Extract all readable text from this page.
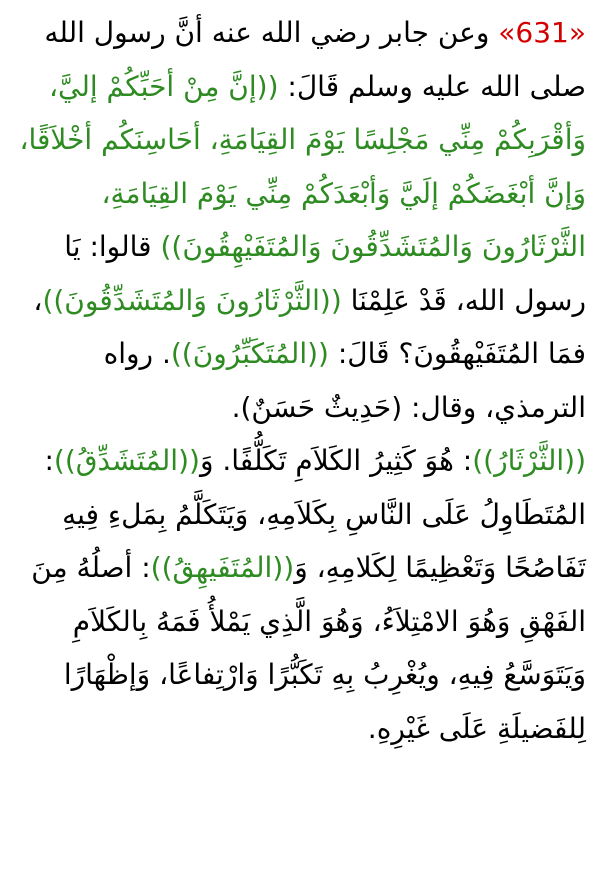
«631» وعن جابر رضي الله عنه أنَّ رسول الله صلى الله عليه وسلم قَالَ: ((إنَّ مِنْ أحَبِّكُمْ إليَّ، وَأقْرَبِكُمْ مِنِّي مَجْلِسًا يَوْمَ القِيَامَةِ، أحَاسِنَكُم أخْلاَقًا، وَإنَّ أبْغَضَكُمْ إلَيَّ وَأبْعَدَكُمْ مِنِّي يَوْمَ القِيَامَةِ، الثَّرْثَارُونَ وَالمُتَشَدِّقُونَ وَالمُتَفَيْهِقُونَ)) قالوا: يَا رسول الله، قَدْ عَلِمْنَا ((الثَّرْثَارُونَ وَالمُتَشَدِّقُونَ))، فمَا المُتَفَيْهقُونَ؟ قَالَ: ((المُتَكَبِّرُونَ)). رواه الترمذي، وقال: (حَدِيثٌ حَسَنٌ).

((الثَّرْثَارُ)): هُوَ كَثِيرُ الكَلاَمِ تَكَلُّفًا. وَ((المُتَشَدِّقُ)): المُتَطَاوِلُ عَلَى النَّاسِ بِكَلاَمِهِ، وَيَتَكَلَّمُ بِمَلءِ فِيهِ تَفَاصُحًا وَتَعْظِيمًا لِكَلامِهِ، وَ((المُتَفَيهِقُ)): أصلُهُ مِنَ الفَهْقِ وَهُوَ الامْتِلاَءُ، وَهُوَ الَّذِي يَمْلأُ فَمَهُ بِالكَلاَمِ وَيَتَوَسَّعُ فِيهِ، ويُغْرِبُ بِهِ تَكَبُّرًا وَارْتِفاعًا، وَإظْهَارًا لِلفَضيلَةِ عَلَى غَيْرِهِ.
